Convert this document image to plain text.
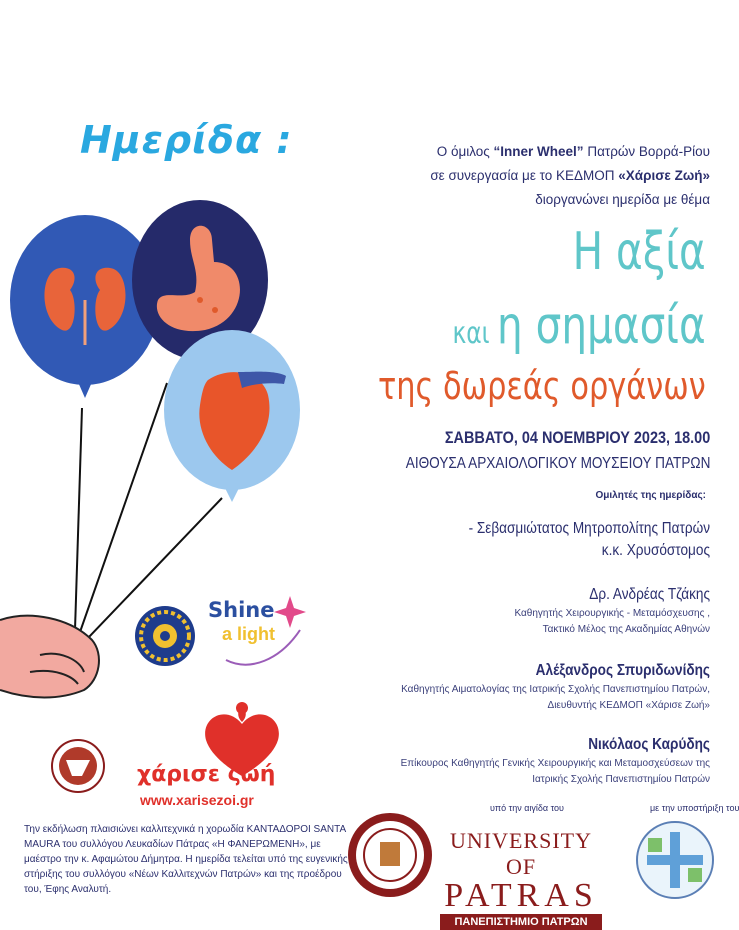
Ημερίδα :	Ο όμιλος “Inner Wheel” Πατρών Βορρά-Ρίου
σε συνεργασία με το ΚΕΔΜΟΠ «Χάρισε Ζωή»
διοργανώνει ημερίδα με θέμα
Η αξία
και η σημασία
της δωρεάς οργάνων
ΣΑΒΒΑΤΟ, 04 ΝΟΕΜΒΡΙΟΥ 2023, 18.00
ΑΙΘΟΥΣΑ ΑΡΧΑΙΟΛΟΓΙΚΟΥ ΜΟΥΣΕΙΟΥ ΠΑΤΡΩΝ
Ομιλητές της ημερίδας:
- Σεβασμιώτατος Μητροπολίτης Πατρών
κ.κ. Χρυσόστομος
Δρ. Ανδρέας Τζάκης
Καθηγητής Χειρουργικής - Μεταμόσχευσης ,
Τακτικό Μέλος της Ακαδημίας Αθηνών
Αλέξανδρος Σπυριδωνίδης
Καθηγητής Αιματολογίας της Ιατρικής Σχολής Πανεπιστημίου Πατρών,
Διευθυντής ΚΕΔΜΟΠ «Χάρισε Ζωή»
Νικόλαος Καρύδης
Επίκουρος Καθηγητής Γενικής Χειρουργικής και Μεταμοσχεύσεων της
Ιατρικής Σχολής Πανεπιστημίου Πατρών
Shine
a light
χάρισε ζωή
www.xarisezoi.gr
Την εκδήλωση πλαισιώνει καλλιτεχνικά η χορωδία ΚΑΝΤΑΔΟΡΟΙ SANTA MAURA του συλλόγου Λευκαδίων Πάτρας «Η ΦΑΝΕΡΩΜΕΝΗ», με μαέστρο την κ. Αφαμώτου Δήμητρα. Η ημερίδα τελείται υπό της ευγενικής στήριξης του συλλόγου «Νέων Καλλιτεχνών Πατρών» και της προέδρου του, Έφης Αναλυτή.
υπό την αιγίδα του	με την υποστήριξη του
UNIVERSITY OF
PATRAS
ΠΑΝΕΠΙΣΤΗΜΙΟ ΠΑΤΡΩΝ
